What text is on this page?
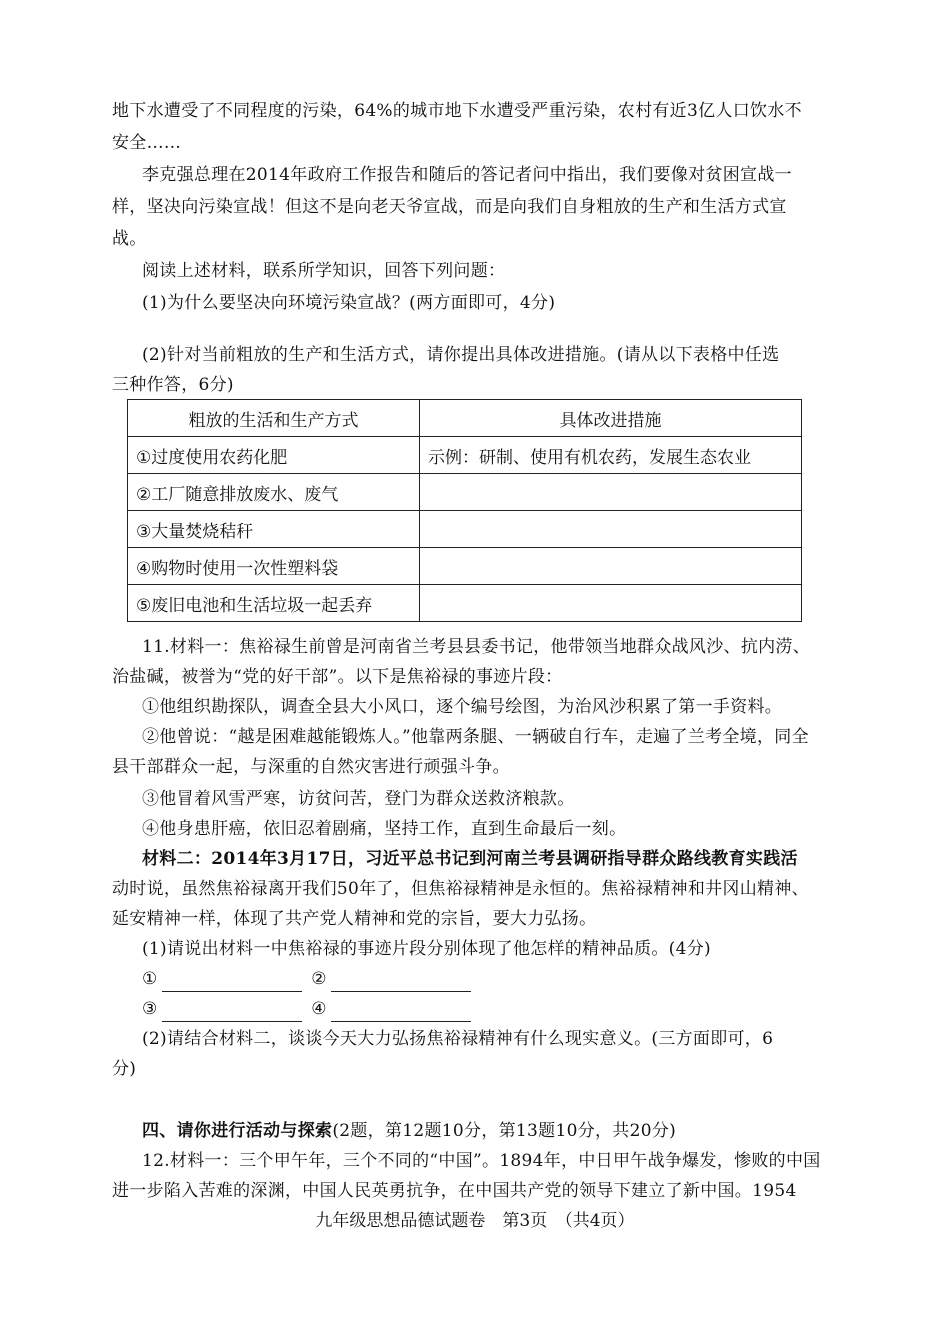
地下水遭受了不同程度的污染，64%的城市地下水遭受严重污染，农村有近3亿人口饮水不
安全……
李克强总理在2014年政府工作报告和随后的答记者问中指出，我们要像对贫困宣战一
样，坚决向污染宣战！但这不是向老天爷宣战，而是向我们自身粗放的生产和生活方式宣
战。
阅读上述材料，联系所学知识，回答下列问题：
(1)为什么要坚决向环境污染宣战？(两方面即可，4分)
(2)针对当前粗放的生产和生活方式，请你提出具体改进措施。(请从以下表格中任选
三种作答，6分)
粗放的生活和生产方式	具体改进措施
①过度使用农药化肥	示例：研制、使用有机农药，发展生态农业
②工厂随意排放废水、废气	
③大量焚烧秸秆	
④购物时使用一次性塑料袋	
⑤废旧电池和生活垃圾一起丢弃	
11.材料一：焦裕禄生前曾是河南省兰考县县委书记，他带领当地群众战风沙、抗内涝、
治盐碱，被誉为“党的好干部”。以下是焦裕禄的事迹片段：
①他组织勘探队，调查全县大小风口，逐个编号绘图，为治风沙积累了第一手资料。
②他曾说：“越是困难越能锻炼人。”他靠两条腿、一辆破自行车，走遍了兰考全境，同全
县干部群众一起，与深重的自然灾害进行顽强斗争。
③他冒着风雪严寒，访贫问苦，登门为群众送救济粮款。
④他身患肝癌，依旧忍着剧痛，坚持工作，直到生命最后一刻。
材料二：2014年3月17日，习近平总书记到河南兰考县调研指导群众路线教育实践活
动时说，虽然焦裕禄离开我们50年了，但焦裕禄精神是永恒的。焦裕禄精神和井冈山精神、
延安精神一样，体现了共产党人精神和党的宗旨，要大力弘扬。
(1)请说出材料一中焦裕禄的事迹片段分别体现了他怎样的精神品质。(4分)
①	②
③	④
(2)请结合材料二，谈谈今天大力弘扬焦裕禄精神有什么现实意义。(三方面即可，6
分)
四、请你进行活动与探索(2题，第12题10分，第13题10分，共20分)
12.材料一：三个甲午年，三个不同的“中国”。1894年，中日甲午战争爆发，惨败的中国
进一步陷入苦难的深渊，中国人民英勇抗争，在中国共产党的领导下建立了新中国。1954
九年级思想品德试题卷　第3页　（共4页）
